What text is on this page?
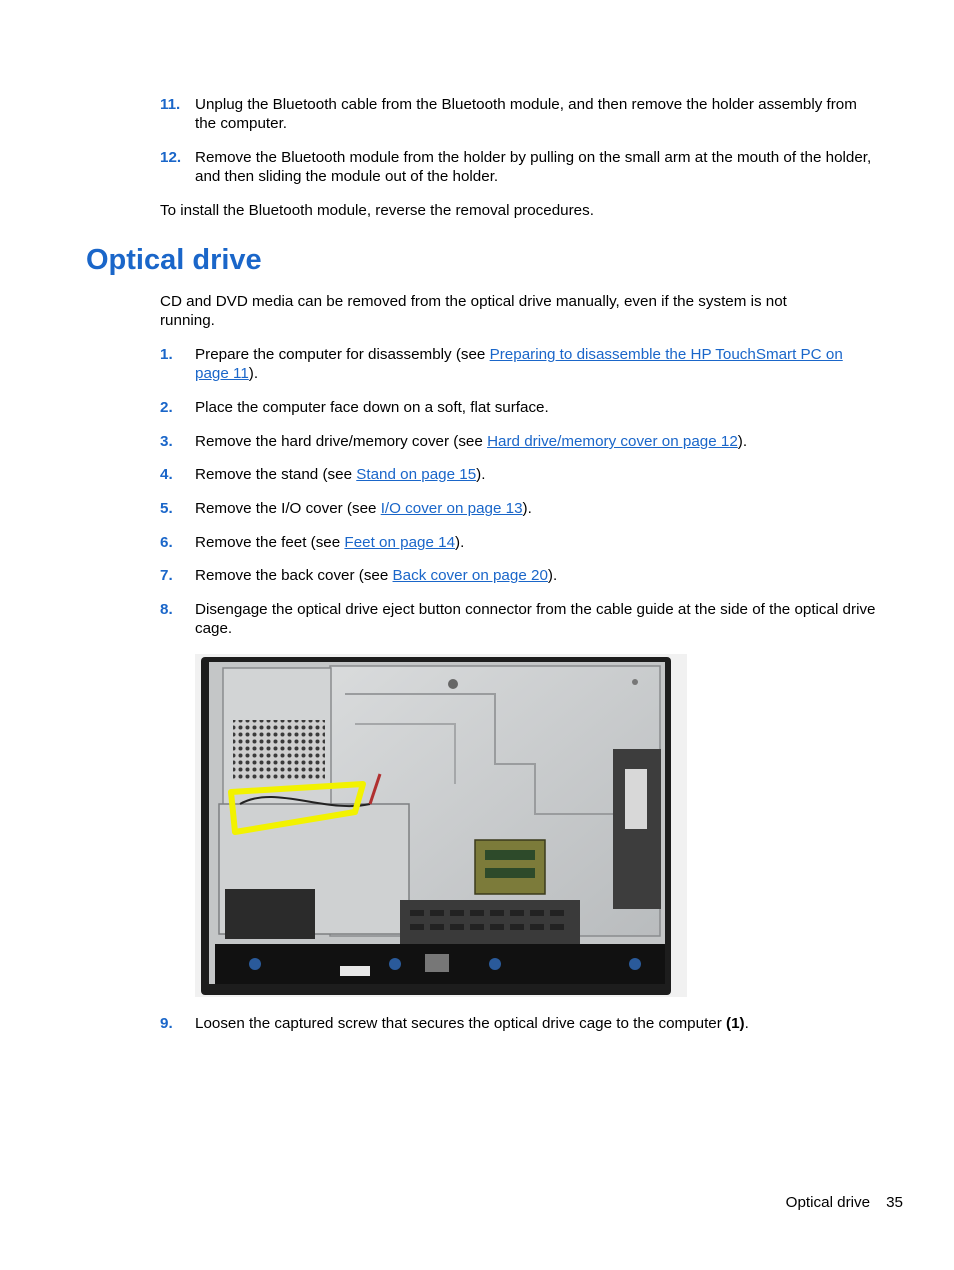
11. Unplug the Bluetooth cable from the Bluetooth module, and then remove the holder assembly from the computer.
12. Remove the Bluetooth module from the holder by pulling on the small arm at the mouth of the holder, and then sliding the module out of the holder.
To install the Bluetooth module, reverse the removal procedures.
Optical drive
CD and DVD media can be removed from the optical drive manually, even if the system is not running.
1.	Prepare the computer for disassembly (see Preparing to disassemble the HP TouchSmart PC on page 11).
2.	Place the computer face down on a soft, flat surface.
3.	Remove the hard drive/memory cover (see Hard drive/memory cover on page 12).
4.	Remove the stand (see Stand on page 15).
5.	Remove the I/O cover (see I/O cover on page 13).
6.	Remove the feet (see Feet on page 14).
7.	Remove the back cover (see Back cover on page 20).
8.	Disengage the optical drive eject button connector from the cable guide at the side of the optical drive cage.
9.	Loosen the captured screw that secures the optical drive cage to the computer (1).
Optical drive 35
